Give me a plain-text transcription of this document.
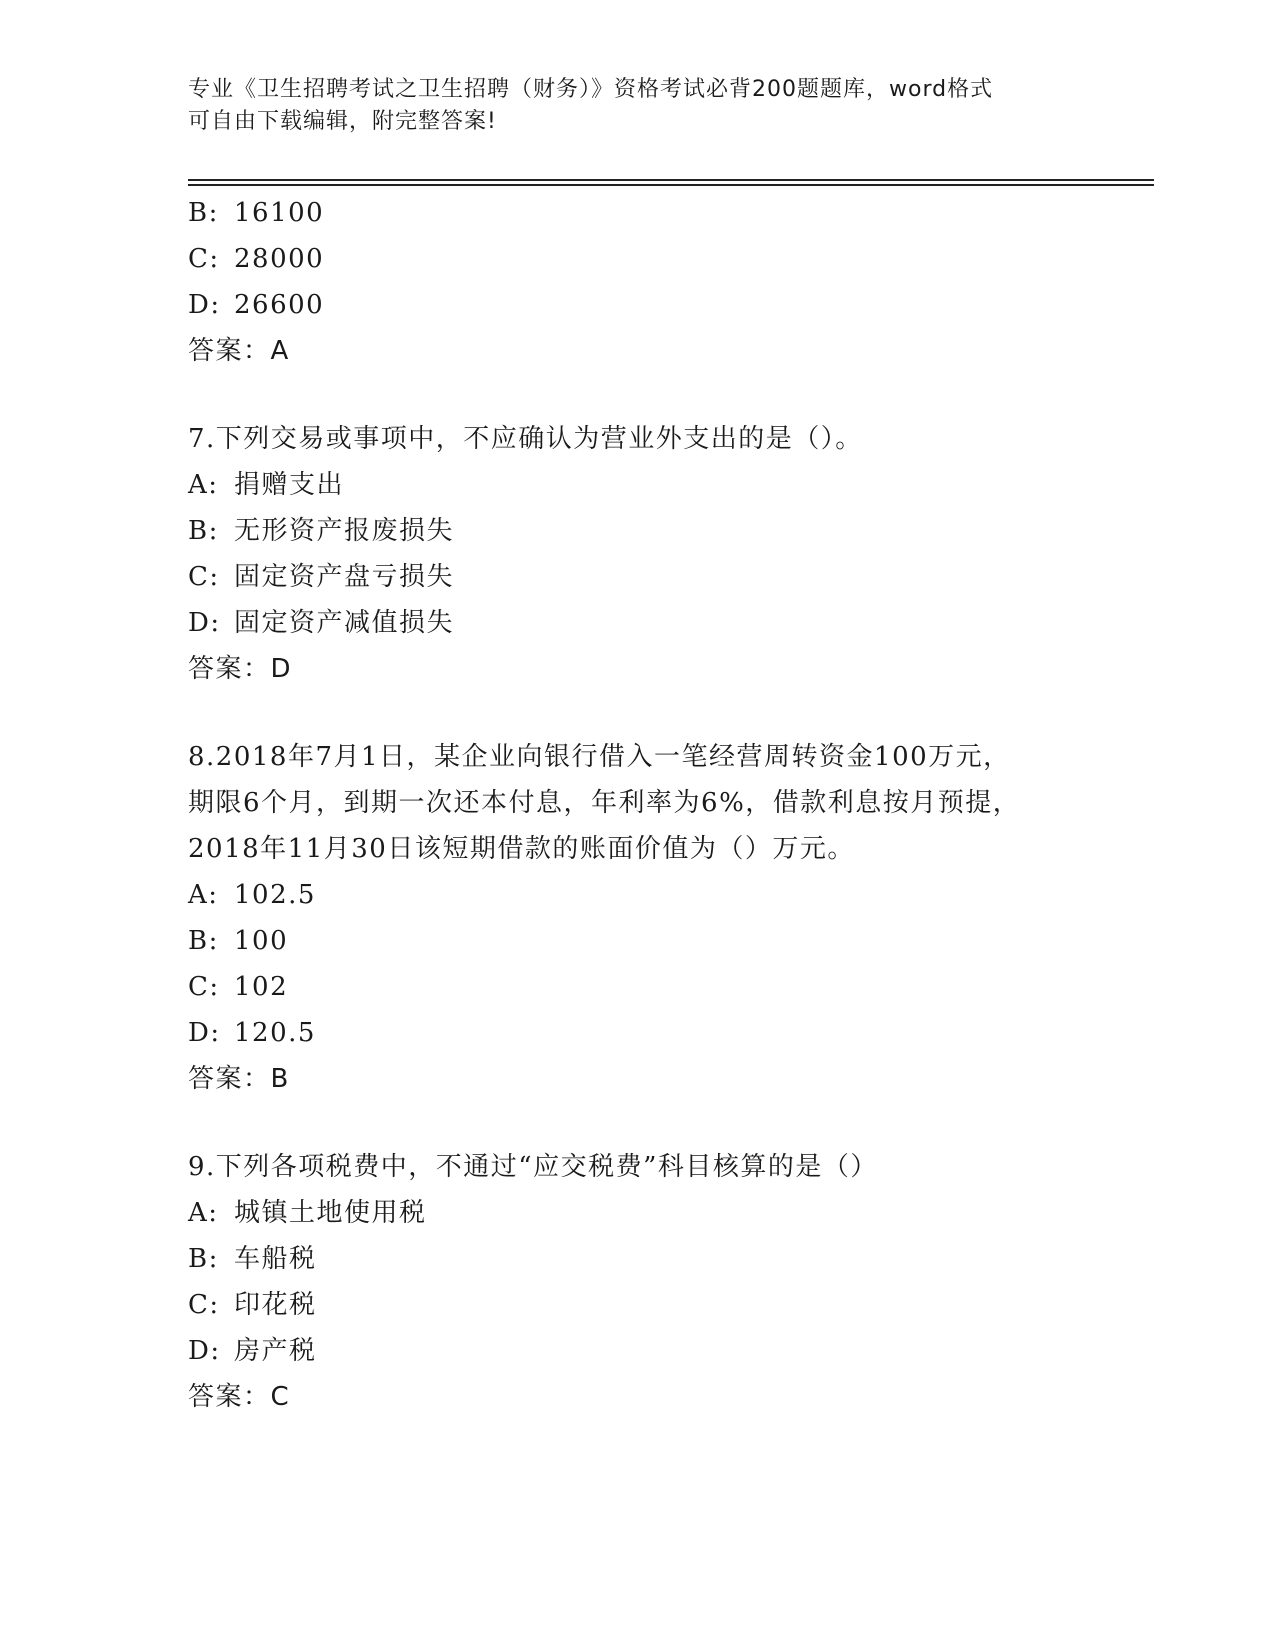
专业《卫生招聘考试之卫生招聘（财务）》资格考试必背200题题库，word格式
可自由下载编辑，附完整答案!
B: 16100
C: 28000
D: 26600
答案：A
7.下列交易或事项中，不应确认为营业外支出的是（）。
A: 捐赠支出
B: 无形资产报废损失
C: 固定资产盘亏损失
D: 固定资产减值损失
答案：D
8.2018年7月1日，某企业向银行借入一笔经营周转资金100万元，
期限6个月，到期一次还本付息，年利率为6%，借款利息按月预提，
2018年11月30日该短期借款的账面价值为（）万元。
A: 102.5
B: 100
C: 102
D: 120.5
答案：B
9.下列各项税费中，不通过“应交税费”科目核算的是（）
A: 城镇土地使用税
B: 车船税
C: 印花税
D: 房产税
答案：C
